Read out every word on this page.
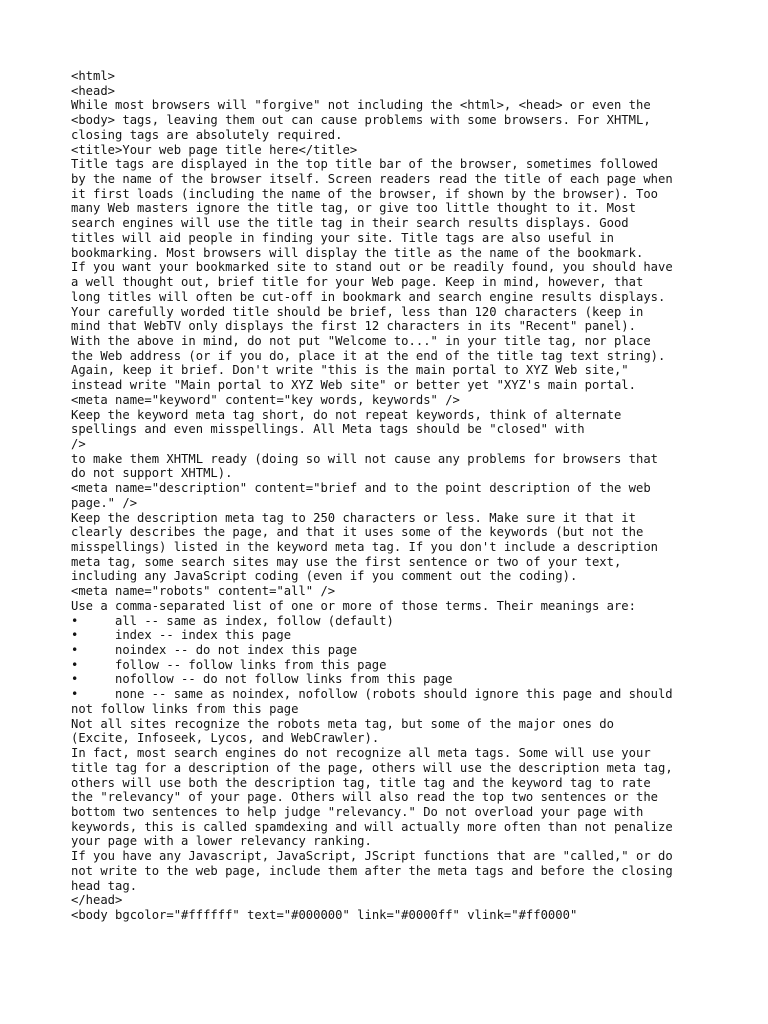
<html>
<head>
While most browsers will "forgive" not including the <html>, <head> or even the
<body> tags, leaving them out can cause problems with some browsers. For XHTML,
closing tags are absolutely required.
<title>Your web page title here</title>
Title tags are displayed in the top title bar of the browser, sometimes followed
by the name of the browser itself. Screen readers read the title of each page when
it first loads (including the name of the browser, if shown by the browser). Too
many Web masters ignore the title tag, or give too little thought to it. Most
search engines will use the title tag in their search results displays. Good
titles will aid people in finding your site. Title tags are also useful in
bookmarking. Most browsers will display the title as the name of the bookmark.
If you want your bookmarked site to stand out or be readily found, you should have
a well thought out, brief title for your Web page. Keep in mind, however, that
long titles will often be cut-off in bookmark and search engine results displays.
Your carefully worded title should be brief, less than 120 characters (keep in
mind that WebTV only displays the first 12 characters in its "Recent" panel).
With the above in mind, do not put "Welcome to..." in your title tag, nor place
the Web address (or if you do, place it at the end of the title tag text string).
Again, keep it brief. Don't write "this is the main portal to XYZ Web site,"
instead write "Main portal to XYZ Web site" or better yet "XYZ's main portal.
<meta name="keyword" content="key words, keywords" />
Keep the keyword meta tag short, do not repeat keywords, think of alternate
spellings and even misspellings. All Meta tags should be "closed" with
/>
to make them XHTML ready (doing so will not cause any problems for browsers that
do not support XHTML).
<meta name="description" content="brief and to the point description of the web
page." />
Keep the description meta tag to 250 characters or less. Make sure it that it
clearly describes the page, and that it uses some of the keywords (but not the
misspellings) listed in the keyword meta tag. If you don't include a description
meta tag, some search sites may use the first sentence or two of your text,
including any JavaScript coding (even if you comment out the coding).
<meta name="robots" content="all" />
Use a comma-separated list of one or more of those terms. Their meanings are:
•	all -- same as index, follow (default)
•	index -- index this page
•	noindex -- do not index this page
•	follow -- follow links from this page
•	nofollow -- do not follow links from this page
•	none -- same as noindex, nofollow (robots should ignore this page and should
not follow links from this page
Not all sites recognize the robots meta tag, but some of the major ones do
(Excite, Infoseek, Lycos, and WebCrawler).
In fact, most search engines do not recognize all meta tags. Some will use your
title tag for a description of the page, others will use the description meta tag,
others will use both the description tag, title tag and the keyword tag to rate
the "relevancy" of your page. Others will also read the top two sentences or the
bottom two sentences to help judge "relevancy." Do not overload your page with
keywords, this is called spamdexing and will actually more often than not penalize
your page with a lower relevancy ranking.
If you have any Javascript, JavaScript, JScript functions that are "called," or do
not write to the web page, include them after the meta tags and before the closing
head tag.
</head>
<body bgcolor="#ffffff" text="#000000" link="#0000ff" vlink="#ff0000"
